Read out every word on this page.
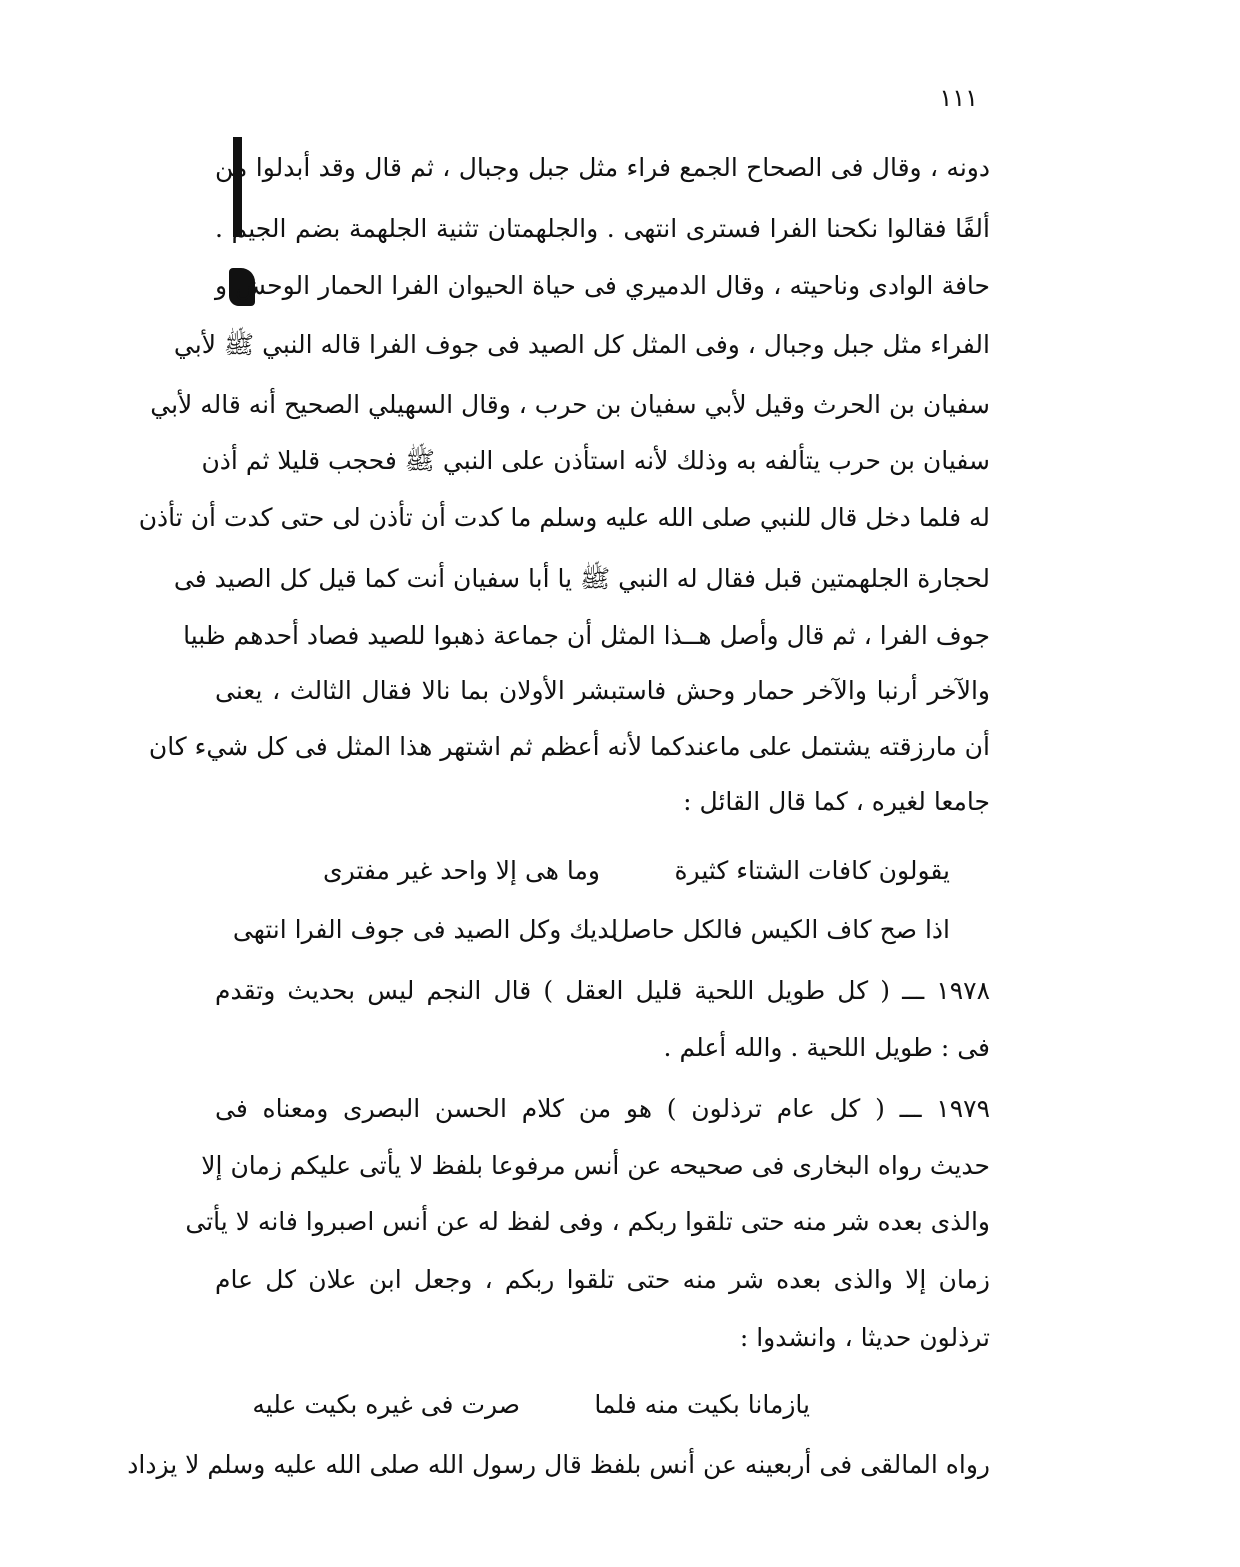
١١١
دونه ، وقال فى الصحاح الجمع فراء مثل جبل وجبال ، ثم قال وقد أبدلوا من
ألفًا فقالوا نكحنا الفرا فسترى انتهى . والجلهمتان تثنية الجلهمة بضم الجيم .
حافة الوادى وناحيته ، وقال الدميري فى حياة الحيوان الفرا الحمار الوحش و
الفراء مثل جبل وجبال ، وفى المثل كل الصيد فى جوف الفرا قاله النبي ﷺ لأبي
سفيان بن الحرث وقيل لأبي سفيان بن حرب ، وقال السهيلي الصحيح أنه قاله لأبي
سفيان بن حرب يتألفه به وذلك لأنه استأذن على النبي ﷺ فحجب قليلا ثم أذن
له فلما دخل قال للنبي صلى الله عليه وسلم ما كدت أن تأذن لى حتى كدت أن تأذن
لحجارة الجلهمتين قبل فقال له النبي ﷺ يا أبا سفيان أنت كما قيل كل الصيد فى
جوف الفرا ، ثم قال وأصل هــذا المثل أن جماعة ذهبوا للصيد فصاد أحدهم ظبيا
والآخر أرنبا والآخر حمار وحش فاستبشر الأولان بما نالا فقال الثالث ، يعنى
أن مارزقته يشتمل على ماعندكما لأنه أعظم ثم اشتهر هذا المثل فى كل شيء كان
جامعا لغيره ، كما قال القائل :
يقولون كافات الشتاء كثيرة
وما هى إلا واحد غير مفترى
اذا صح كاف الكيس فالكل حاصل
لديك وكل الصيد فى جوف الفرا انتهى
١٩٧٨ ـــ ( كل طويل اللحية قليل العقل ) قال النجم ليس بحديث وتقدم
فى : طويل اللحية . والله أعلم .
١٩٧٩ ـــ ( كل عام ترذلون ) هو من كلام الحسن البصرى ومعناه فى
حديث رواه البخارى فى صحيحه عن أنس مرفوعا بلفظ لا يأتى عليكم زمان إلا
والذى بعده شر منه حتى تلقوا ربكم ، وفى لفظ له عن أنس اصبروا فانه لا يأتى
زمان إلا والذى بعده شر منه حتى تلقوا ربكم ، وجعل ابن علان كل عام
ترذلون حديثا ، وانشدوا :
يازمانا بكيت منه فلما
صرت فى غيره بكيت عليه
رواه المالقى فى أربعينه عن أنس بلفظ قال رسول الله صلى الله عليه وسلم لا يزداد
